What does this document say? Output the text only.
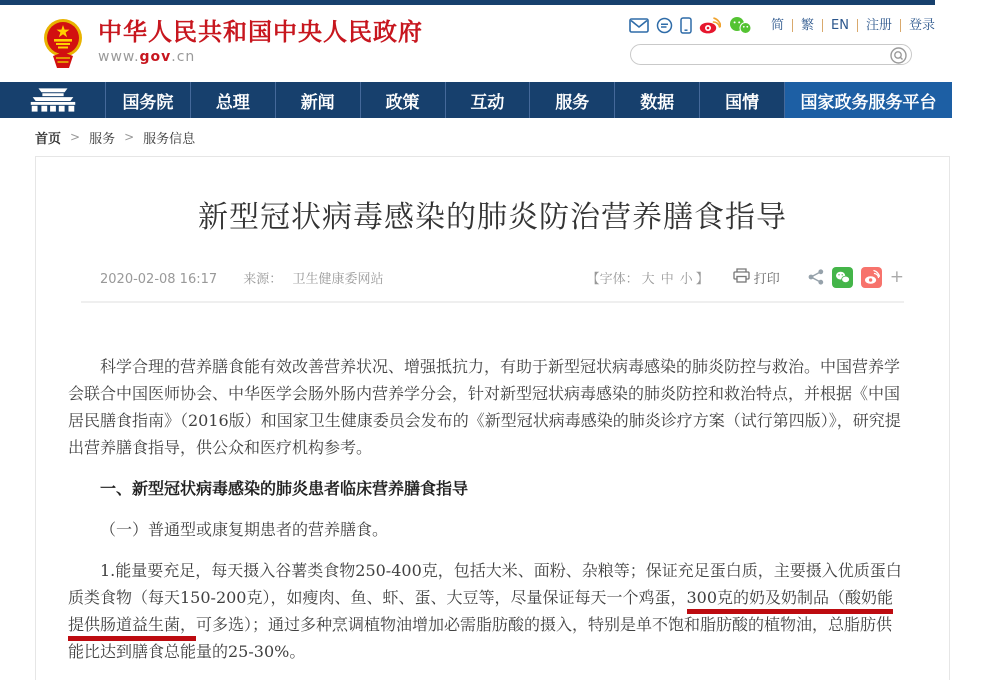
中华人民共和国中央人民政府
www.gov.cn
简	繁	EN	注册	登录
国务院	总理	新闻	政策	互动	服务	数据	国情	国家政务服务平台
首页 > 服务 > 服务信息
新型冠状病毒感染的肺炎防治营养膳食指导
2020-02-08 16:17 来源： 卫生健康委网站	【字体： 大 中 小 】	打印	+

科学合理的营养膳食能有效改善营养状况、增强抵抗力，有助于新型冠状病毒感染的肺炎防控与救治。中国营养学会联合中国医师协会、中华医学会肠外肠内营养学分会，针对新型冠状病毒感染的肺炎防控和救治特点，并根据《中国居民膳食指南》（2016版）和国家卫生健康委员会发布的《新型冠状病毒感染的肺炎诊疗方案（试行第四版）》，研究提出营养膳食指导，供公众和医疗机构参考。

一、新型冠状病毒感染的肺炎患者临床营养膳食指导

（一）普通型或康复期患者的营养膳食。

1.能量要充足，每天摄入谷薯类食物250-400克，包括大米、面粉、杂粮等；保证充足蛋白质，主要摄入优质蛋白质类食物（每天150-200克），如瘦肉、鱼、虾、蛋、大豆等，尽量保证每天一个鸡蛋，300克的奶及奶制品（酸奶能提供肠道益生菌，可多选）；通过多种烹调植物油增加必需脂肪酸的摄入，特别是单不饱和脂肪酸的植物油，总脂肪供能比达到膳食总能量的25-30%。
